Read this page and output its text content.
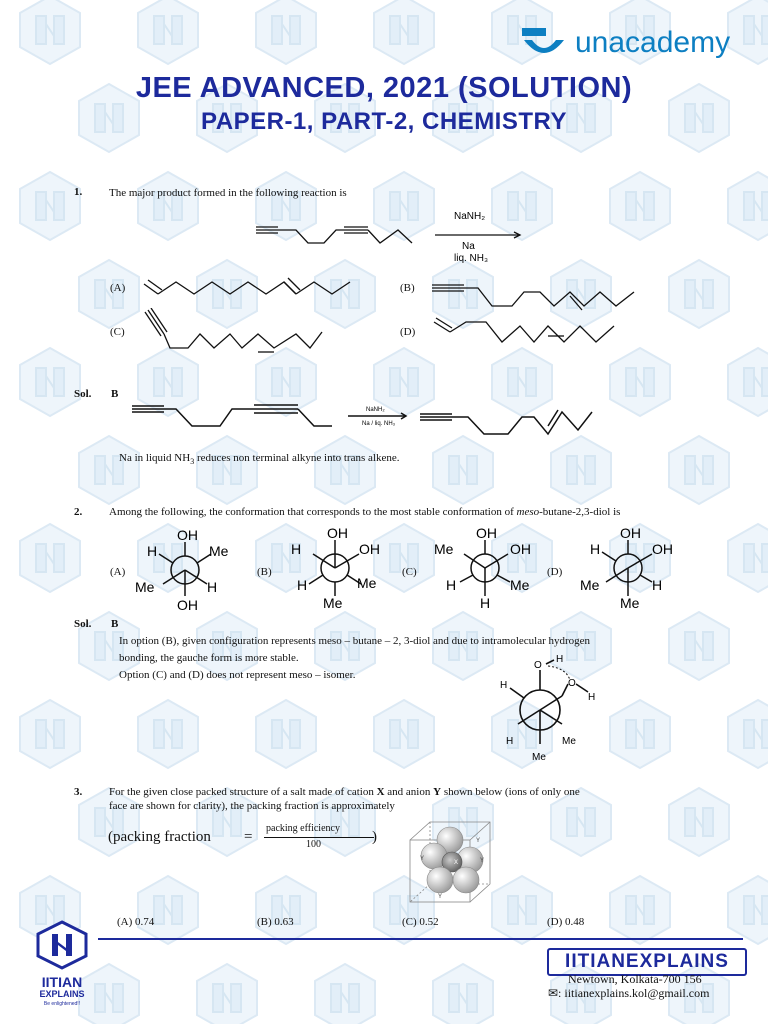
unacademy
JEE ADVANCED, 2021 (SOLUTION)
PAPER-1, PART-2, CHEMISTRY
1. The major product formed in the following reaction is
NaNH₂
Na
liq. NH₃
(A)	(B)
(C)	(D)
Sol. B
NaNH₂
Na / liq. NH₃
Na in liquid $NH_3$ reduces non terminal alkyne into trans alkene.
2. Among the following, the conformation that corresponds to the most stable conformation of meso-butane-2,3-diol is
(A)	(B)	(C)	(D)
OH
H	Me
Me	H
OH
OH
H	OH
H	Me
Me
OH
Me	OH
H	Me
H
OH
H	OH
Me	H
Me
Sol. B
In option (B), given configuration represents meso – butane – 2, 3-diol and due to intramolecular hydrogen
bonding, the gauche form is more stable.
Option (C) and (D) does not represent meso – isomer.
O
H
O
H
H
H	Me
Me
3. For the given close packed structure of a salt made of cation X and anion Y shown below (ions of only one
face are shown for clarity), the packing fraction is approximately
(packing fraction =
packing efficiency
100	)	Y
Y
X	Y
Y
(A) 0.74	(B) 0.63	(C) 0.52	(D) 0.48
IITIAN
EXPLAINS
Be enlightened!!
IITIANEXPLAINS
Newtown, Kolkata-700 156
✉: iitianexplains.kol@gmail.com
